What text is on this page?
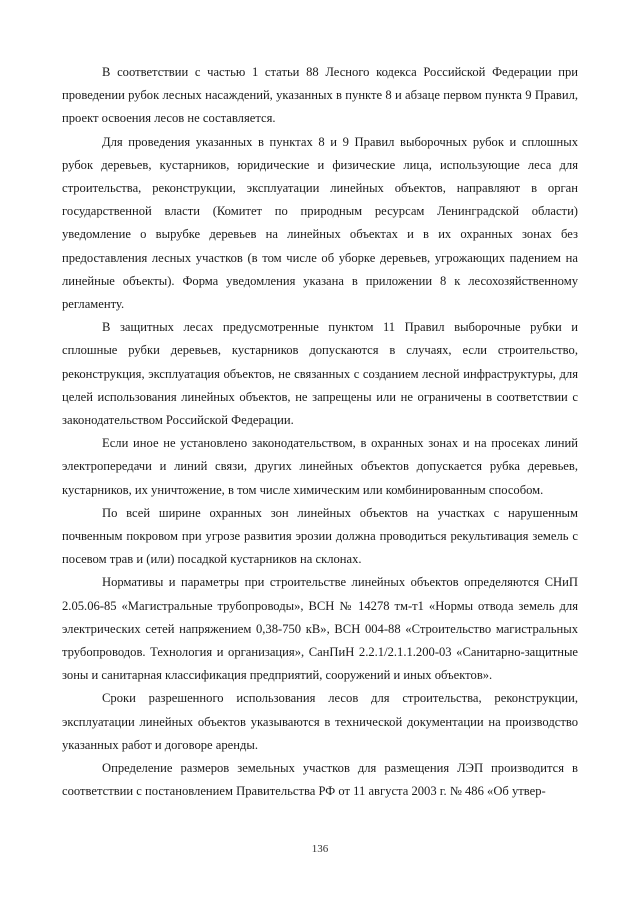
В соответствии с частью 1 статьи 88 Лесного кодекса Российской Федерации при проведении рубок лесных насаждений, указанных в пункте 8 и абзаце первом пункта 9 Правил, проект освоения лесов не составляется.

Для проведения указанных в пунктах 8 и 9 Правил выборочных рубок и сплошных рубок деревьев, кустарников, юридические и физические лица, использующие леса для строительства, реконструкции, эксплуатации линейных объектов, направляют в орган государственной власти (Комитет по природным ресурсам Ленинградской области) уведомление о вырубке деревьев на линейных объектах и в их охранных зонах без предоставления лесных участков (в том числе об уборке деревьев, угрожающих падением на линейные объекты). Форма уведомления указана в приложении 8 к лесохозяйственному регламенту.

В защитных лесах предусмотренные пунктом 11 Правил выборочные рубки и сплошные рубки деревьев, кустарников допускаются в случаях, если строительство, реконструкция, эксплуатация объектов, не связанных с созданием лесной инфраструктуры, для целей использования линейных объектов, не запрещены или не ограничены в соответствии с законодательством Российской Федерации.

Если иное не установлено законодательством, в охранных зонах и на просеках линий электропередачи и линий связи, других линейных объектов допускается рубка деревьев, кустарников, их уничтожение, в том числе химическим или комбинированным способом.

По всей ширине охранных зон линейных объектов на участках с нарушенным почвенным покровом при угрозе развития эрозии должна проводиться рекультивация земель с посевом трав и (или) посадкой кустарников на склонах.

Нормативы и параметры при строительстве линейных объектов определяются СНиП 2.05.06-85 «Магистральные трубопроводы», ВСН № 14278 тм-т1 «Нормы отвода земель для электрических сетей напряжением 0,38-750 кВ», ВСН 004-88 «Строительство магистральных трубопроводов. Технология и организация», СанПиН 2.2.1/2.1.1.200-03 «Санитарно-защитные зоны и санитарная классификация предприятий, сооружений и иных объектов».

Сроки разрешенного использования лесов для строительства, реконструкции, эксплуатации линейных объектов указываются в технической документации на производство указанных работ и договоре аренды.

Определение размеров земельных участков для размещения ЛЭП производится в соответствии с постановлением Правительства РФ от 11 августа 2003 г. № 486 «Об утвер-

136
